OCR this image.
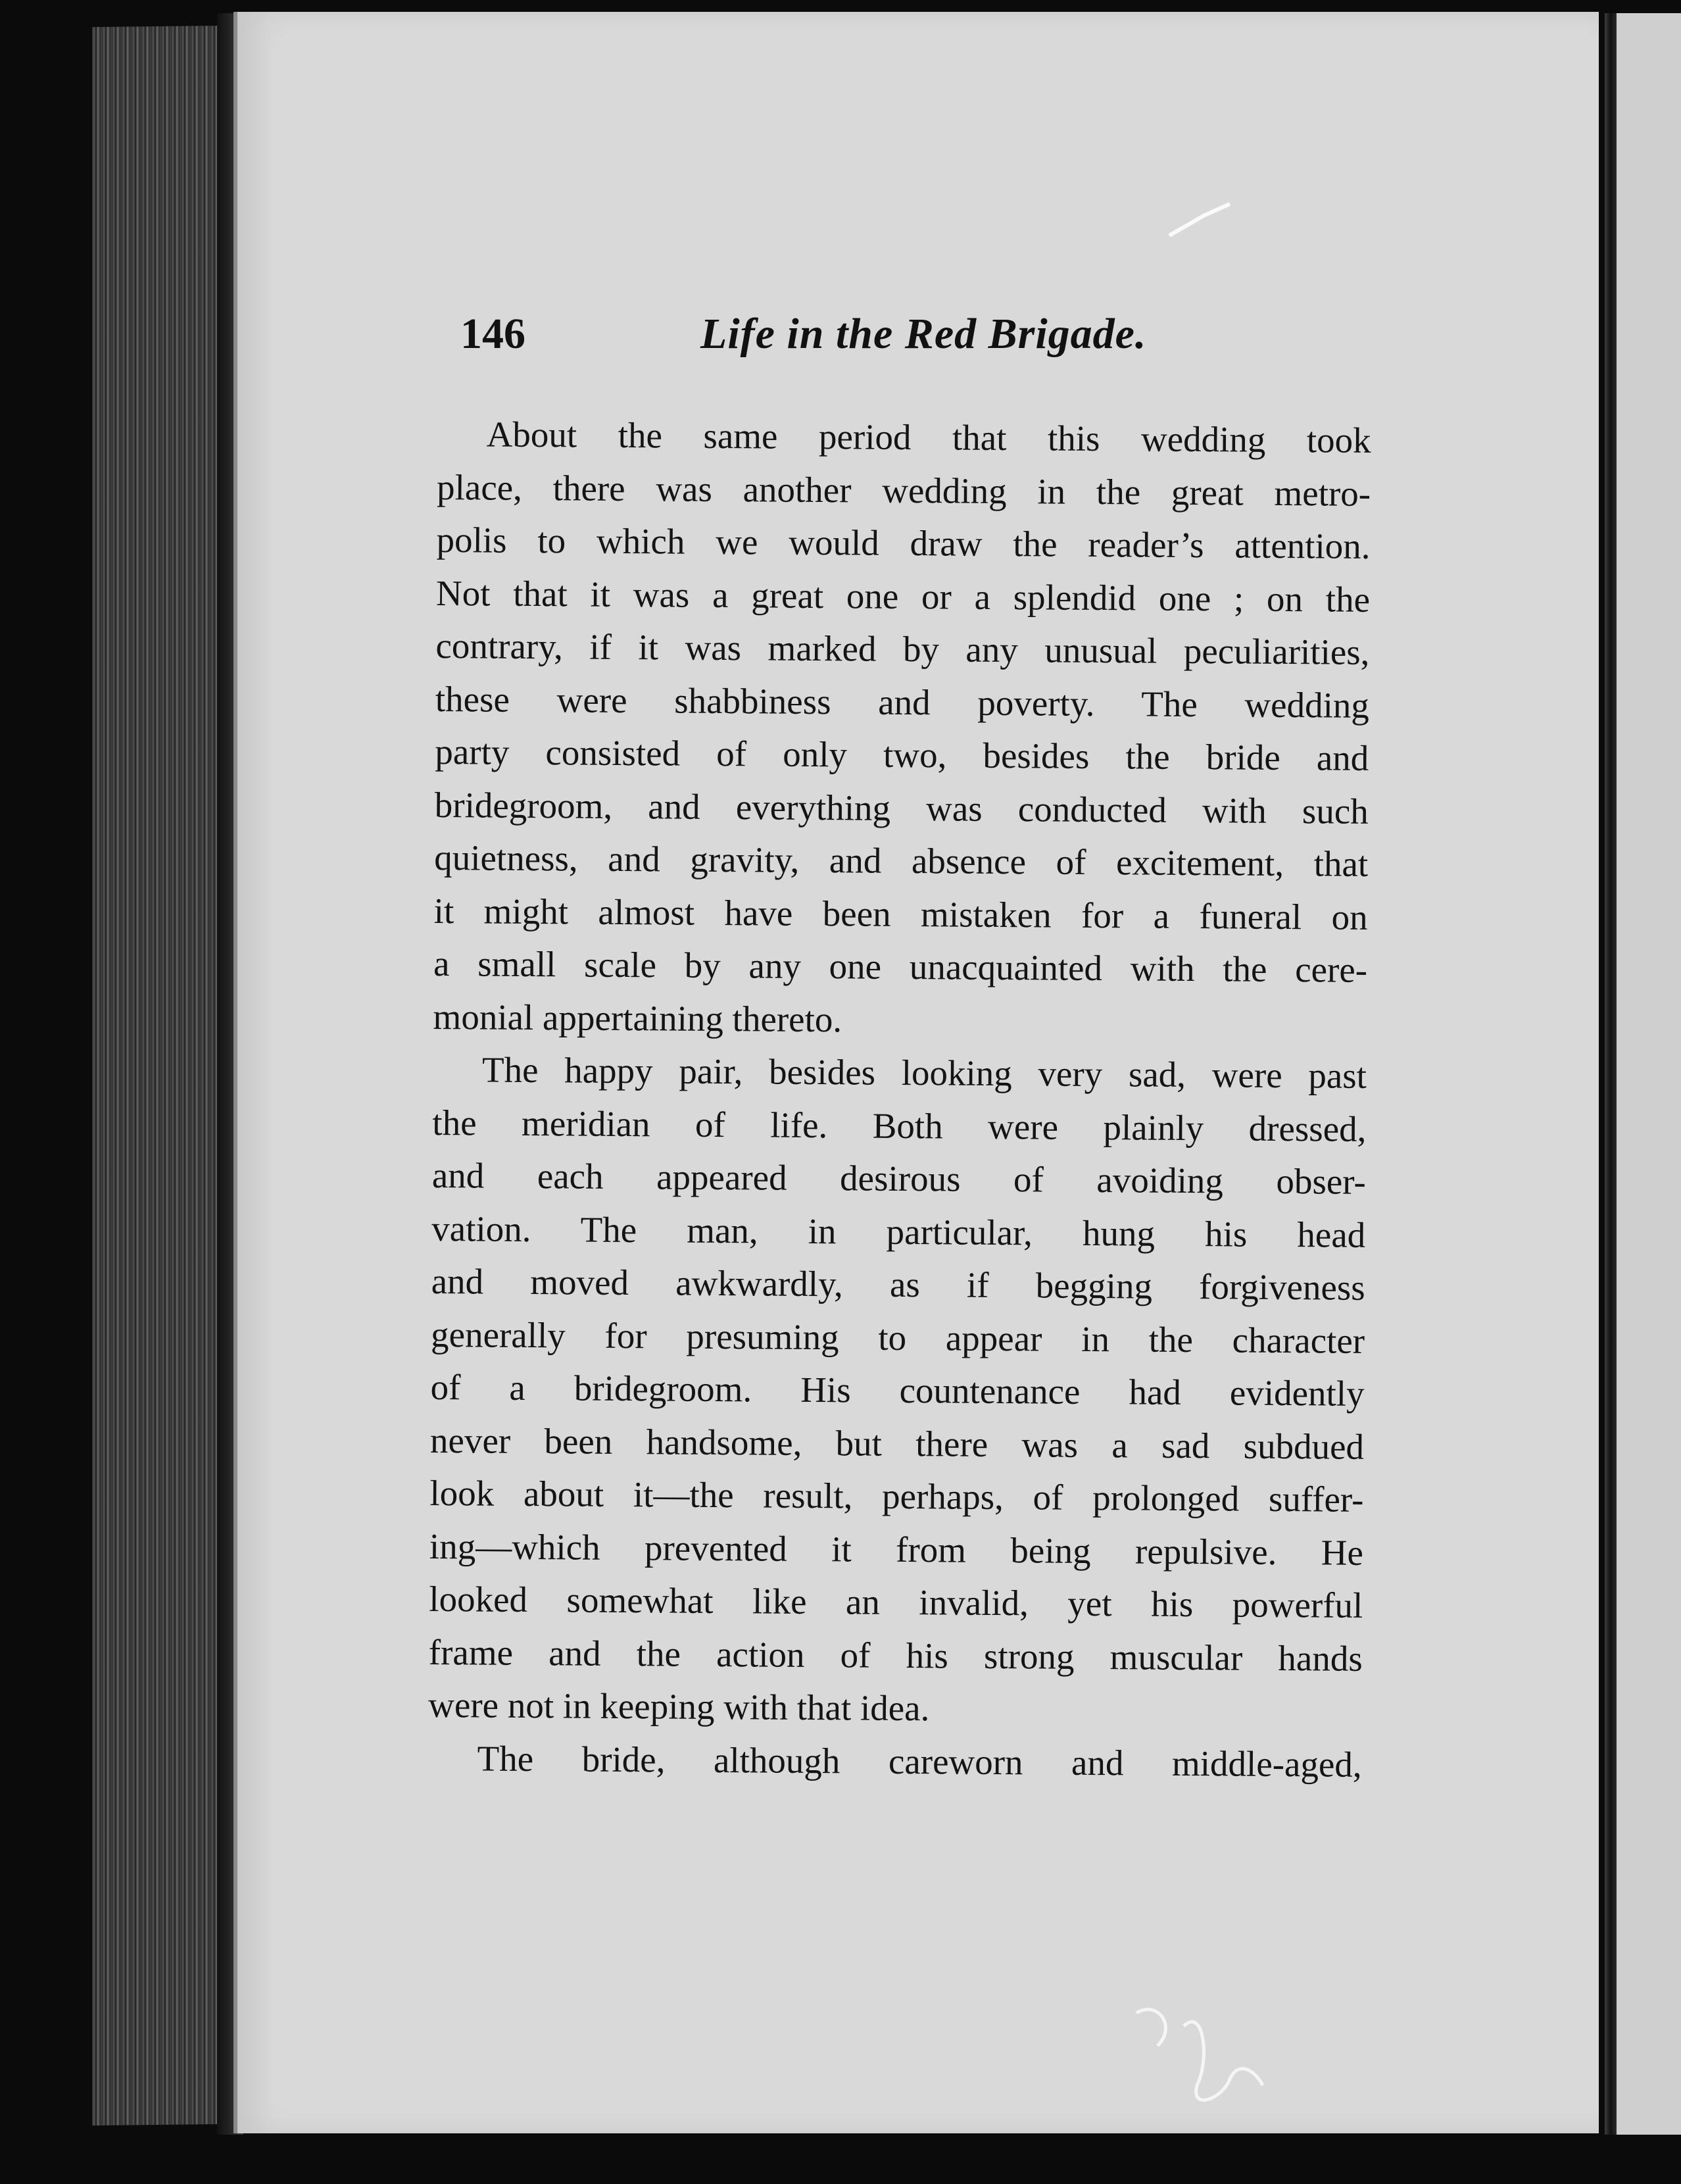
146	Life in the Red Brigade.
About the same period that this wedding took
place, there was another wedding in the great metro-
polis to which we would draw the reader’s attention.
Not that it was a great one or a splendid one ; on the
contrary, if it was marked by any unusual peculiarities,
these were shabbiness and poverty. The wedding
party consisted of only two, besides the bride and
bridegroom, and everything was conducted with such
quietness, and gravity, and absence of excitement, that
it might almost have been mistaken for a funeral on
a small scale by any one unacquainted with the cere-
monial appertaining thereto.
The happy pair, besides looking very sad, were past
the meridian of life. Both were plainly dressed,
and each appeared desirous of avoiding obser-
vation. The man, in particular, hung his head
and moved awkwardly, as if begging forgiveness
generally for presuming to appear in the character
of a bridegroom. His countenance had evidently
never been handsome, but there was a sad subdued
look about it—the result, perhaps, of prolonged suffer-
ing—which prevented it from being repulsive. He
looked somewhat like an invalid, yet his powerful
frame and the action of his strong muscular hands
were not in keeping with that idea.
The bride, although careworn and middle-aged,
